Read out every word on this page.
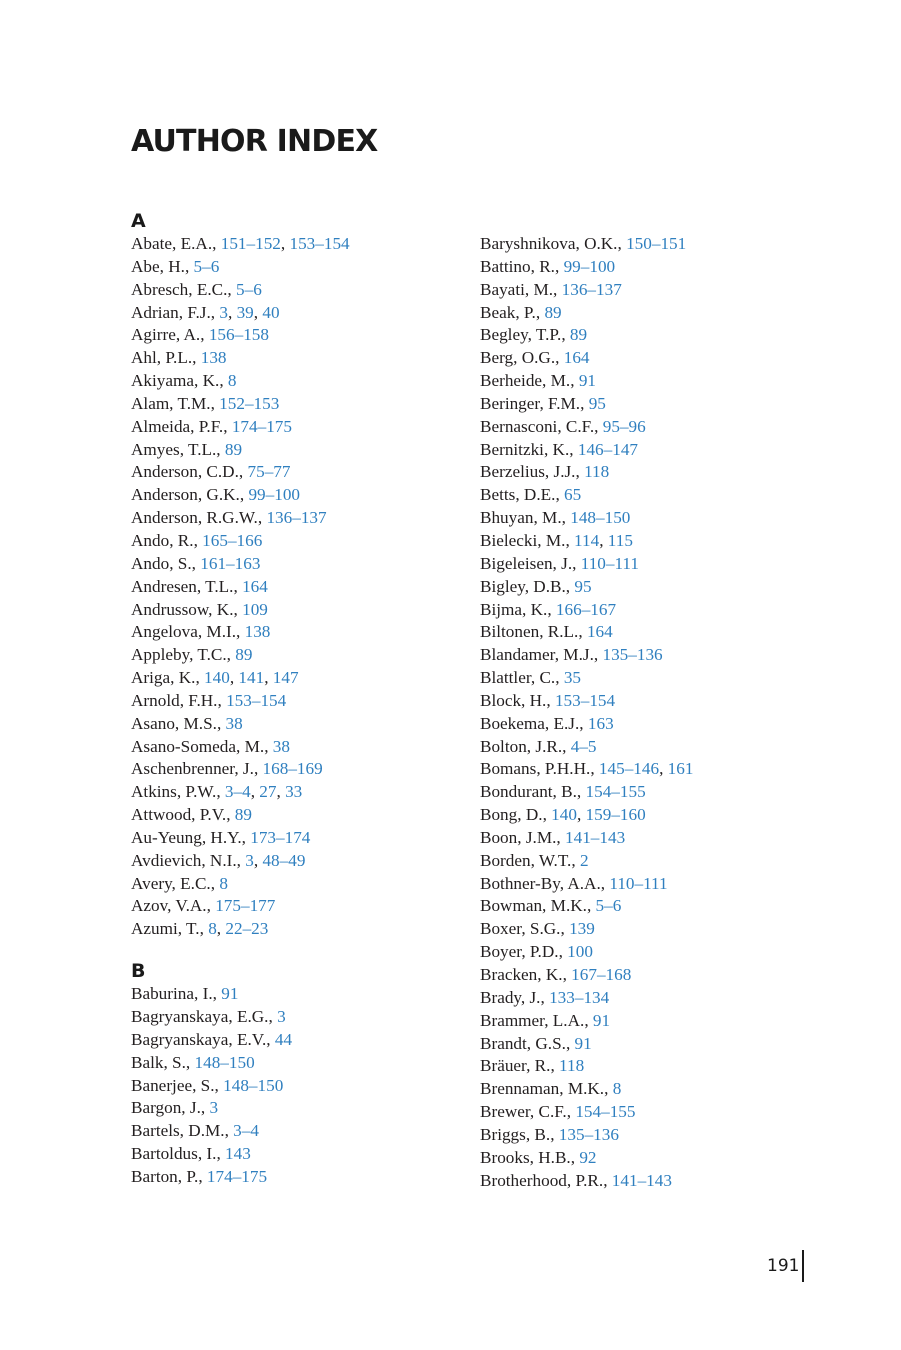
AUTHOR INDEX
A
Abate, E.A., 151–152, 153–154
Abe, H., 5–6
Abresch, E.C., 5–6
Adrian, F.J., 3, 39, 40
Agirre, A., 156–158
Ahl, P.L., 138
Akiyama, K., 8
Alam, T.M., 152–153
Almeida, P.F., 174–175
Amyes, T.L., 89
Anderson, C.D., 75–77
Anderson, G.K., 99–100
Anderson, R.G.W., 136–137
Ando, R., 165–166
Ando, S., 161–163
Andresen, T.L., 164
Andrussow, K., 109
Angelova, M.I., 138
Appleby, T.C., 89
Ariga, K., 140, 141, 147
Arnold, F.H., 153–154
Asano, M.S., 38
Asano-Someda, M., 38
Aschenbrenner, J., 168–169
Atkins, P.W., 3–4, 27, 33
Attwood, P.V., 89
Au-Yeung, H.Y., 173–174
Avdievich, N.I., 3, 48–49
Avery, E.C., 8
Azov, V.A., 175–177
Azumi, T., 8, 22–23
B
Baburina, I., 91
Bagryanskaya, E.G., 3
Bagryanskaya, E.V., 44
Balk, S., 148–150
Banerjee, S., 148–150
Bargon, J., 3
Bartels, D.M., 3–4
Bartoldus, I., 143
Barton, P., 174–175
Baryshnikova, O.K., 150–151
Battino, R., 99–100
Bayati, M., 136–137
Beak, P., 89
Begley, T.P., 89
Berg, O.G., 164
Berheide, M., 91
Beringer, F.M., 95
Bernasconi, C.F., 95–96
Bernitzki, K., 146–147
Berzelius, J.J., 118
Betts, D.E., 65
Bhuyan, M., 148–150
Bielecki, M., 114, 115
Bigeleisen, J., 110–111
Bigley, D.B., 95
Bijma, K., 166–167
Biltonen, R.L., 164
Blandamer, M.J., 135–136
Blattler, C., 35
Block, H., 153–154
Boekema, E.J., 163
Bolton, J.R., 4–5
Bomans, P.H.H., 145–146, 161
Bondurant, B., 154–155
Bong, D., 140, 159–160
Boon, J.M., 141–143
Borden, W.T., 2
Bothner-By, A.A., 110–111
Bowman, M.K., 5–6
Boxer, S.G., 139
Boyer, P.D., 100
Bracken, K., 167–168
Brady, J., 133–134
Brammer, L.A., 91
Brandt, G.S., 91
Bräuer, R., 118
Brennaman, M.K., 8
Brewer, C.F., 154–155
Briggs, B., 135–136
Brooks, H.B., 92
Brotherhood, P.R., 141–143
191
